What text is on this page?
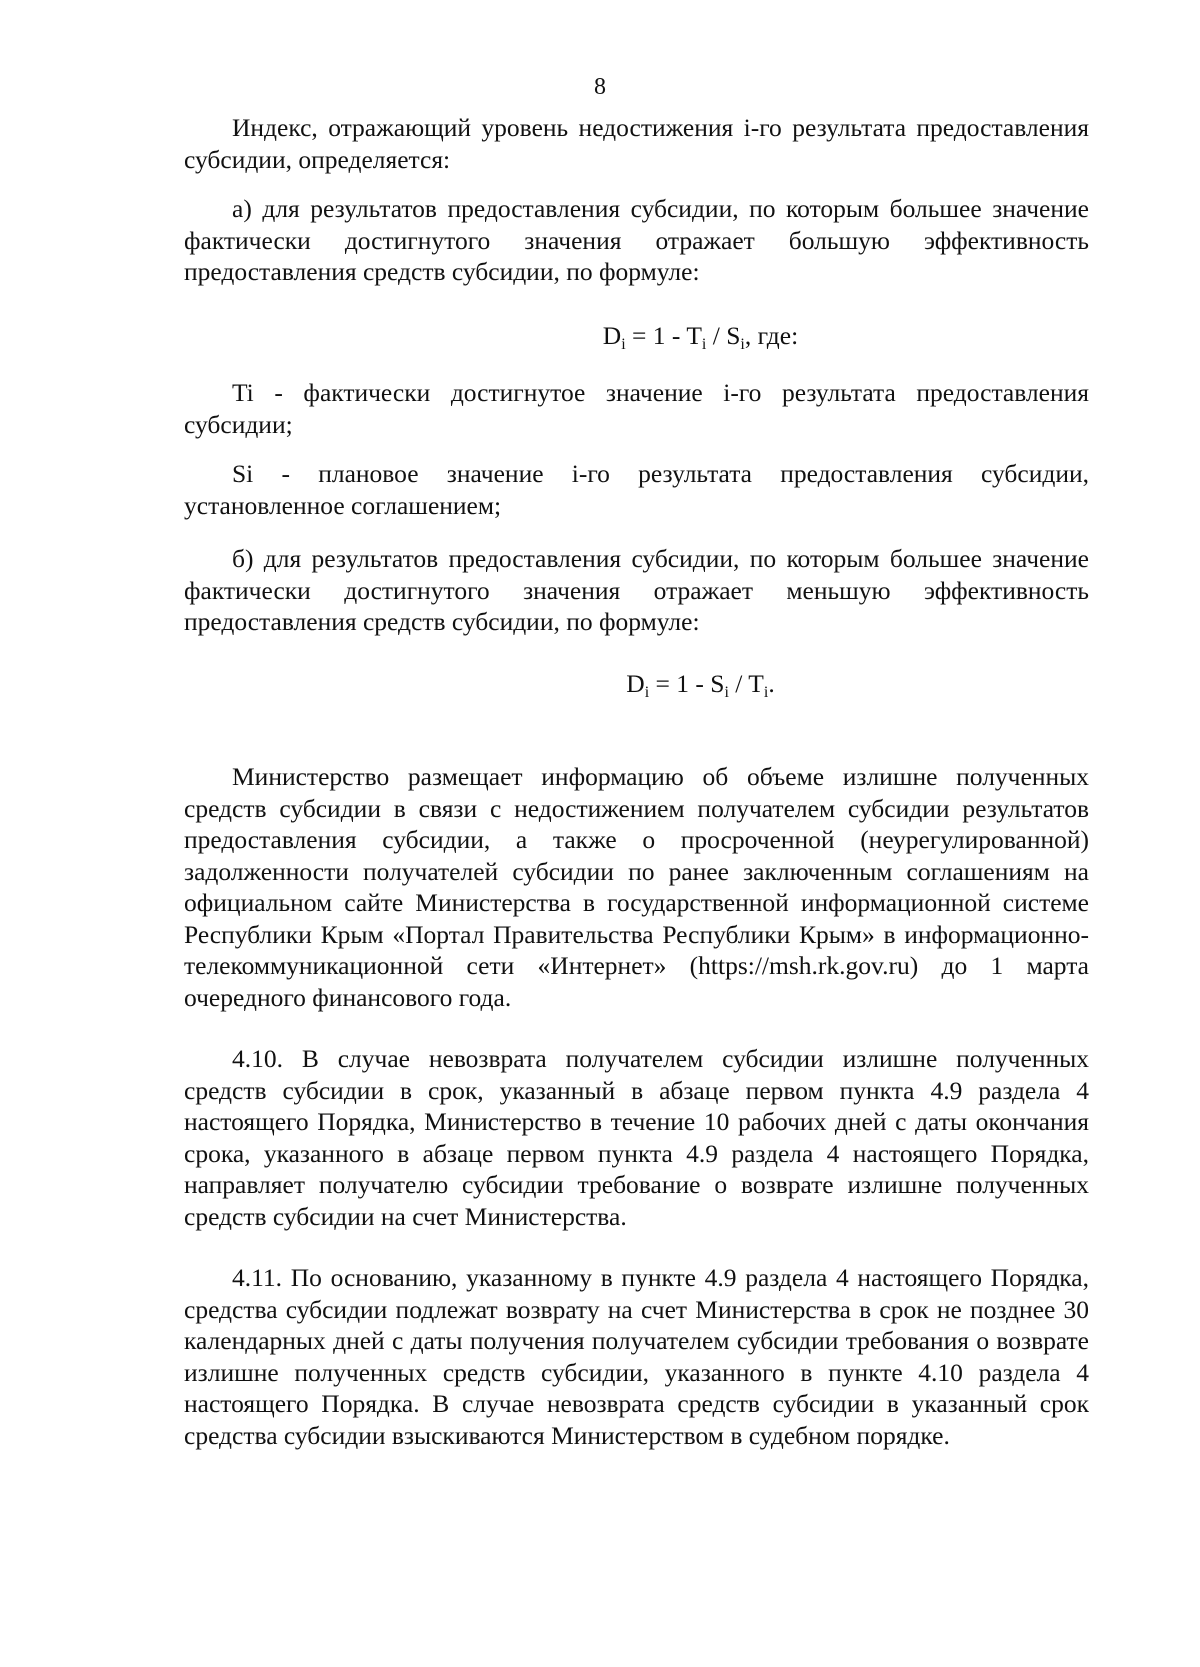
8

Индекс, отражающий уровень недостижения i-го результата предоставления субсидии, определяется:

а) для результатов предоставления субсидии, по которым большее значение фактически достигнутого значения отражает большую эффективность предоставления средств субсидии, по формуле:

$D_i = 1 - T_i / S_i$, где:

Ti - фактически достигнутое значение i-го результата предоставления субсидии;

Si - плановое значение i-го результата предоставления субсидии, установленное соглашением;

б) для результатов предоставления субсидии, по которым большее значение фактически достигнутого значения отражает меньшую эффективность предоставления средств субсидии, по формуле:

$D_i = 1 - S_i / T_i$.

Министерство размещает информацию об объеме излишне полученных средств субсидии в связи с недостижением получателем субсидии результатов предоставления субсидии, а также о просроченной (неурегулированной) задолженности получателей субсидии по ранее заключенным соглашениям на официальном сайте Министерства в государственной информационной системе Республики Крым «Портал Правительства Республики Крым» в информационно-телекоммуникационной сети «Интернет» (https://msh.rk.gov.ru) до 1 марта очередного финансового года.

4.10. В случае невозврата получателем субсидии излишне полученных средств субсидии в срок, указанный в абзаце первом пункта 4.9 раздела 4 настоящего Порядка, Министерство в течение 10 рабочих дней с даты окончания срока, указанного в абзаце первом пункта 4.9 раздела 4 настоящего Порядка, направляет получателю субсидии требование о возврате излишне полученных средств субсидии на счет Министерства.

4.11. По основанию, указанному в пункте 4.9 раздела 4 настоящего Порядка, средства субсидии подлежат возврату на счет Министерства в срок не позднее 30 календарных дней с даты получения получателем субсидии требования о возврате излишне полученных средств субсидии, указанного в пункте 4.10 раздела 4 настоящего Порядка. В случае невозврата средств субсидии в указанный срок средства субсидии взыскиваются Министерством в судебном порядке.
